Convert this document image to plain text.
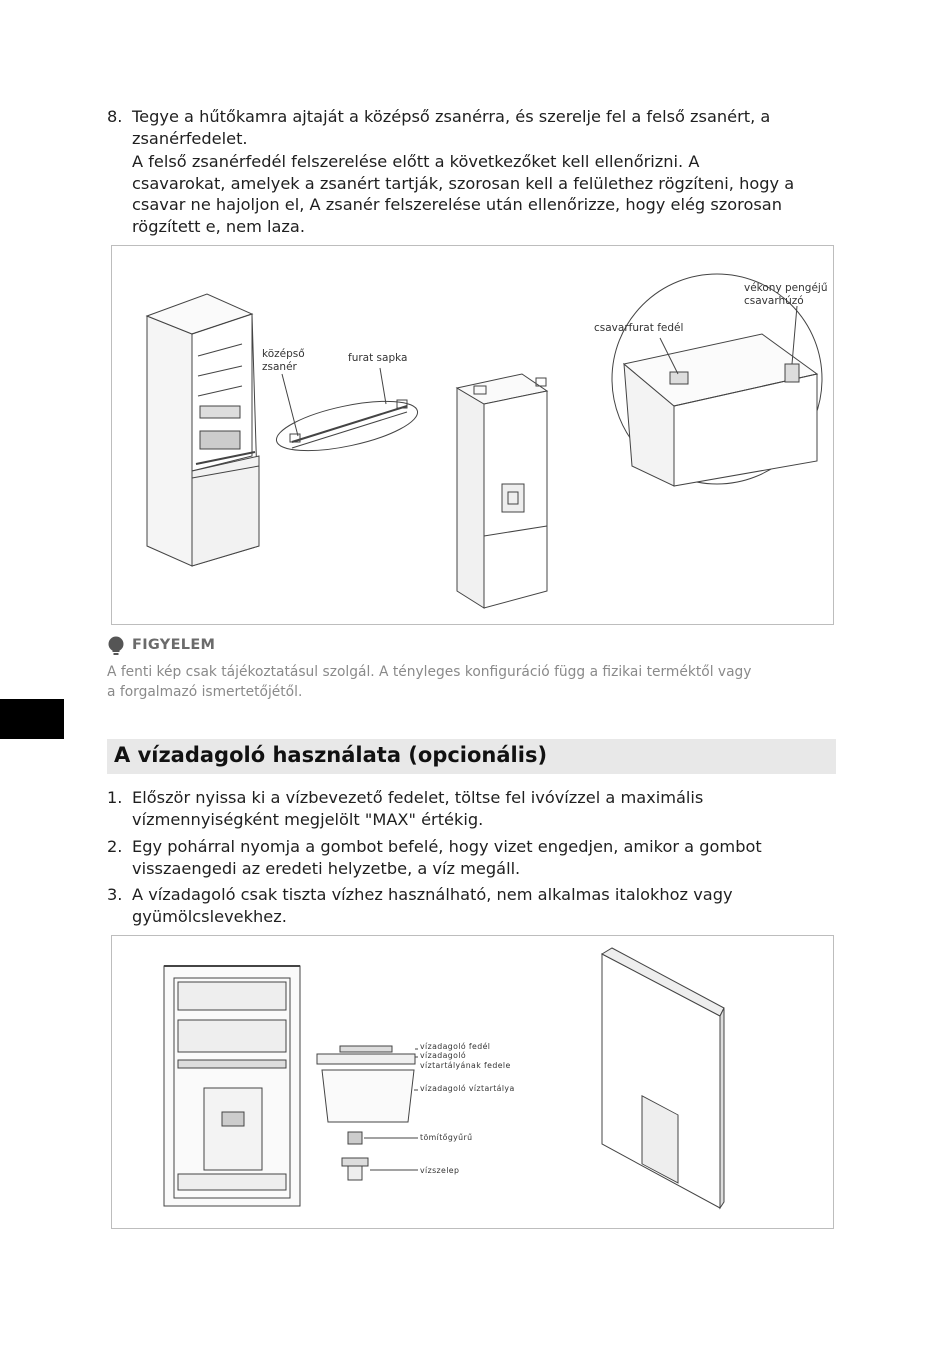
8. Tegye a hűtőkamra ajtaját a középső zsanérra, és szerelje fel a felső zsanért, a
zsanérfedelet.
A felső zsanérfedél felszerelése előtt a következőket kell ellenőrizni. A
csavarokat, amelyek a zsanért tartják, szorosan kell a felülethez rögzíteni, hogy a
csavar ne hajoljon el, A zsanér felszerelése után ellenőrizze, hogy elég szorosan
rögzített e, nem laza.
középső
zsanér
furat sapka
csavarfurat fedél
vékony pengéjű
csavarhúzó
FIGYELEM
A fenti kép csak tájékoztatásul szolgál. A tényleges konfiguráció függ a fizikai terméktől vagy
a forgalmazó ismertetőjétől.
A vízadagoló használata (opcionális)
1. Először nyissa ki a vízbevezető fedelet, töltse fel ivóvízzel a maximális
vízmennyiségként megjelölt "MAX" értékig.
2. Egy pohárral nyomja a gombot befelé, hogy vizet engedjen, amikor a gombot
visszaengedi az eredeti helyzetbe, a víz megáll.
3. A vízadagoló csak tiszta vízhez használható, nem alkalmas italokhoz vagy
gyümölcslevekhez.
vízadagoló fedél
vízadagoló
víztartályának fedele
vízadagoló víztartálya
tömítőgyűrű
vízszelep
